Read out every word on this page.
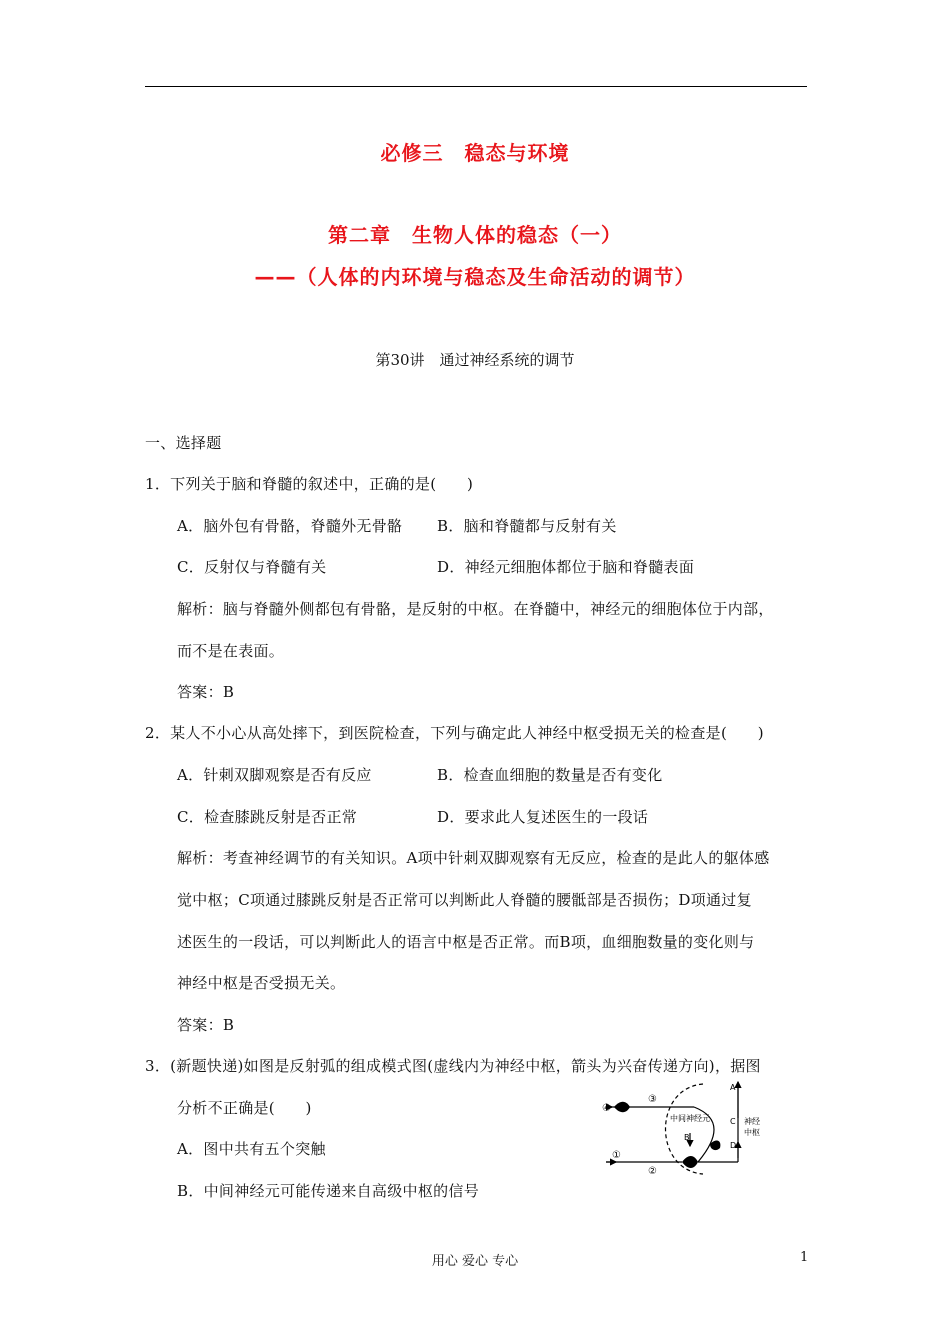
必修三　稳态与环境
第二章　生物人体的稳态（一）
——（人体的内环境与稳态及生命活动的调节）
第30讲　通过神经系统的调节
一、选择题
1．下列关于脑和脊髓的叙述中，正确的是(　　)
A．脑外包有骨骼，脊髓外无骨骼 B．脑和脊髓都与反射有关
C．反射仅与脊髓有关	D．神经元细胞体都位于脑和脊髓表面
解析：脑与脊髓外侧都包有骨骼，是反射的中枢。在脊髓中，神经元的细胞体位于内部，
而不是在表面。
答案：B
2．某人不小心从高处摔下，到医院检查，下列与确定此人神经中枢受损无关的检查是(　　)
A．针刺双脚观察是否有反应	B．检查血细胞的数量是否有变化
C．检查膝跳反射是否正常	D．要求此人复述医生的一段话
解析：考查神经调节的有关知识。A项中针刺双脚观察有无反应，检查的是此人的躯体感
觉中枢；C项通过膝跳反射是否正常可以判断此人脊髓的腰骶部是否损伤；D项通过复
述医生的一段话，可以判断此人的语言中枢是否正常。而B项，血细胞数量的变化则与
神经中枢是否受损无关。
答案：B
3．(新题快递)如图是反射弧的组成模式图(虚线内为神经中枢，箭头为兴奋传递方向)，据图
分析不正确是(　　)
A．图中共有五个突触
B．中间神经元可能传递来自高级中枢的信号
④
③
①
②
A
B
C
D
中间神经元	神经
中枢
用心 爱心 专心	1
